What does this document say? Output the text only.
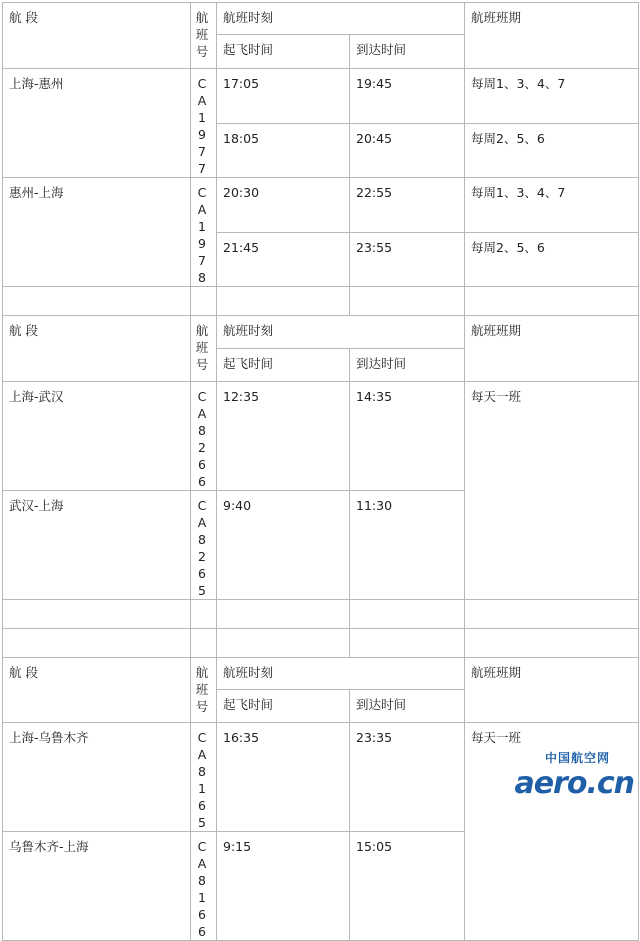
航 段	航
班
号	航班时刻		航班班期
		起飞时间	到达时间	
上海-惠州	C
A
19
77	17:05	19:45	每周1、3、4、7
		18:05	20:45	每周2、5、6
惠州-上海	C
A
19
78	20:30	22:55	每周1、3、4、7
		21:45	23:55	每周2、5、6

航 段	航
班
号	航班时刻		航班班期
		起飞时间	到达时间	
上海-武汉	C
A
82
66	12:35	14:35	每天一班
武汉-上海	C
A
82
65	9:40	11:30	

航 段	航
班
号	航班时刻		航班班期
		起飞时间	到达时间	
上海-乌鲁木齐	C
A
81
65	16:35	23:35	每天一班
乌鲁木齐-上海	C
A
81
66	9:15	15:05	
中国航空网
aero.cn
